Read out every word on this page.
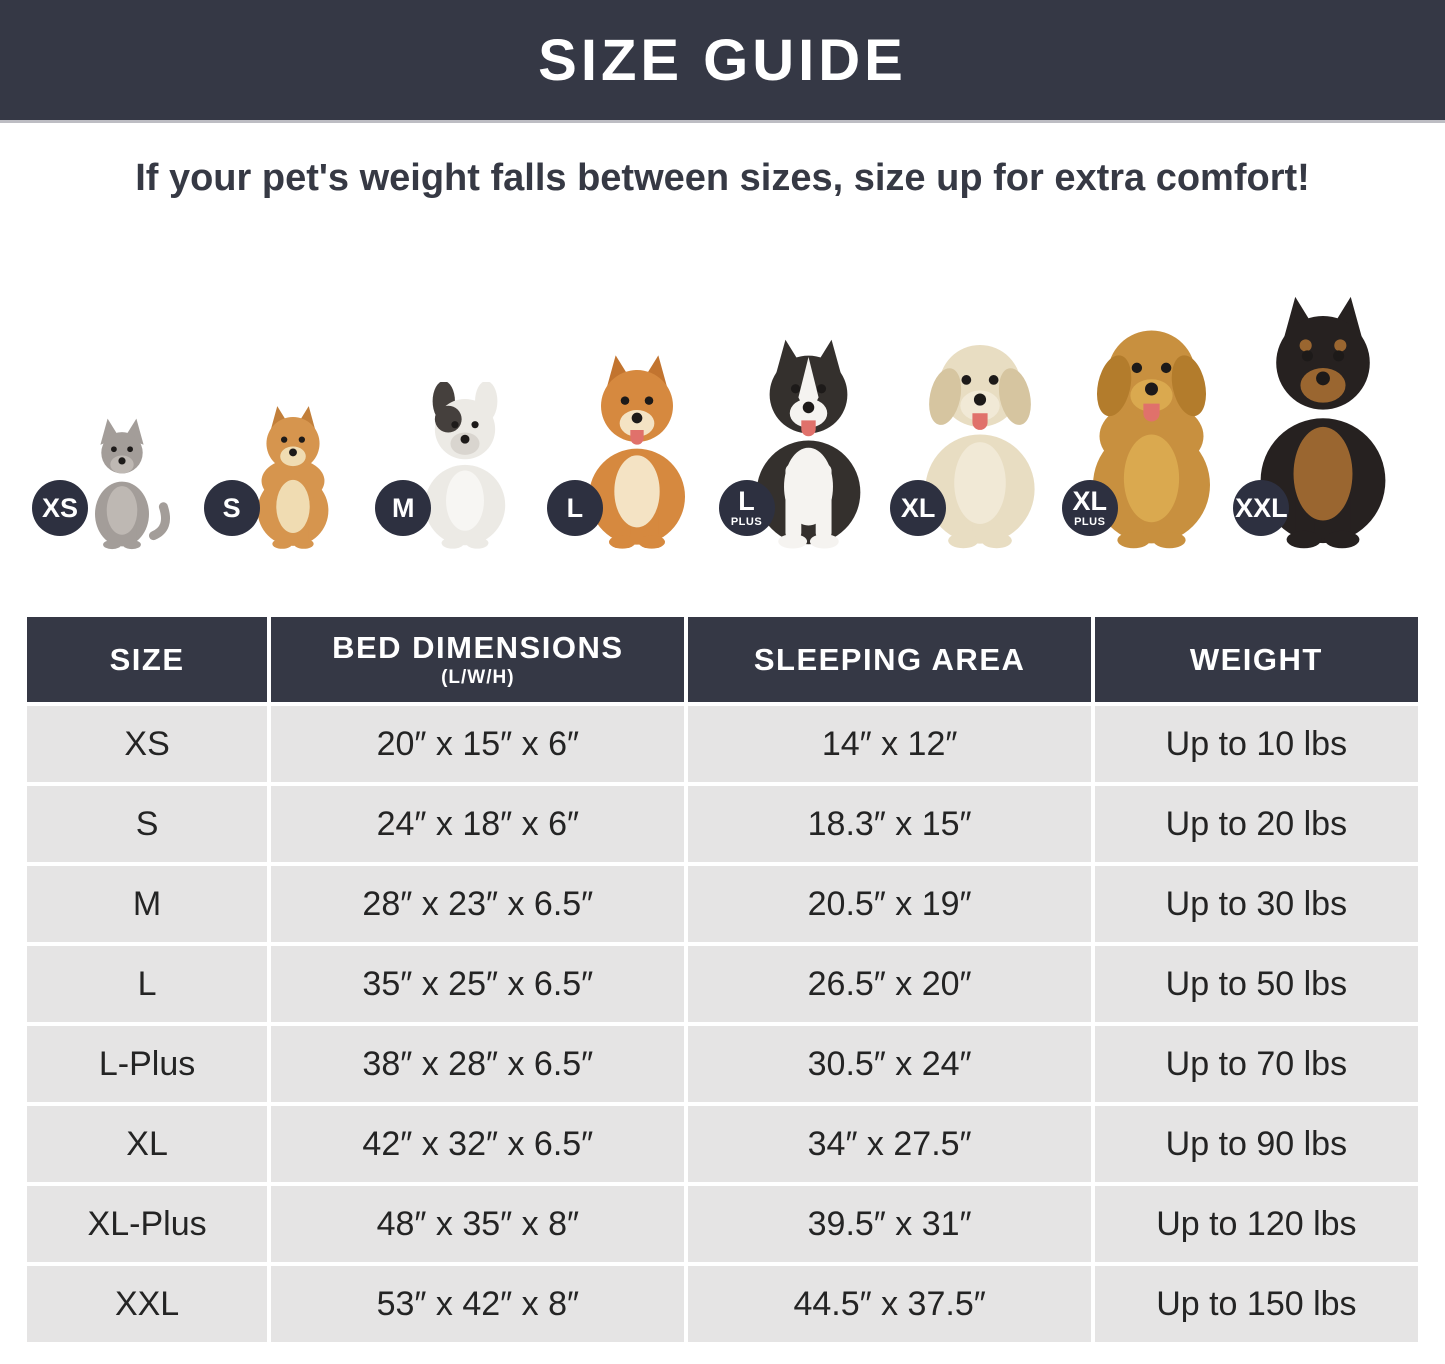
SIZE GUIDE
If your pet's weight falls between sizes, size up for extra comfort!
XS	S	M	L	L
PLUS	XL	XL
PLUS	XXL
SIZE	BED DIMENSIONS
(L/W/H)
SLEEPING AREA	WEIGHT
XS	20″ x 15″ x 6″	14″ x 12″	Up to 10 lbs
S	24″ x 18″ x 6″	18.3″ x 15″	Up to 20 lbs
M	28″ x 23″ x 6.5″	20.5″ x 19″	Up to 30 lbs
L	35″ x 25″ x 6.5″	26.5″ x 20″	Up to 50 lbs
L-Plus	38″ x 28″ x 6.5″	30.5″ x 24″	Up to 70 lbs
XL	42″ x 32″ x 6.5″	34″ x 27.5″	Up to 90 lbs
XL-Plus	48″ x 35″ x 8″	39.5″ x 31″	Up to 120 lbs
XXL	53″ x 42″ x 8″	44.5″ x 37.5″	Up to 150 lbs
